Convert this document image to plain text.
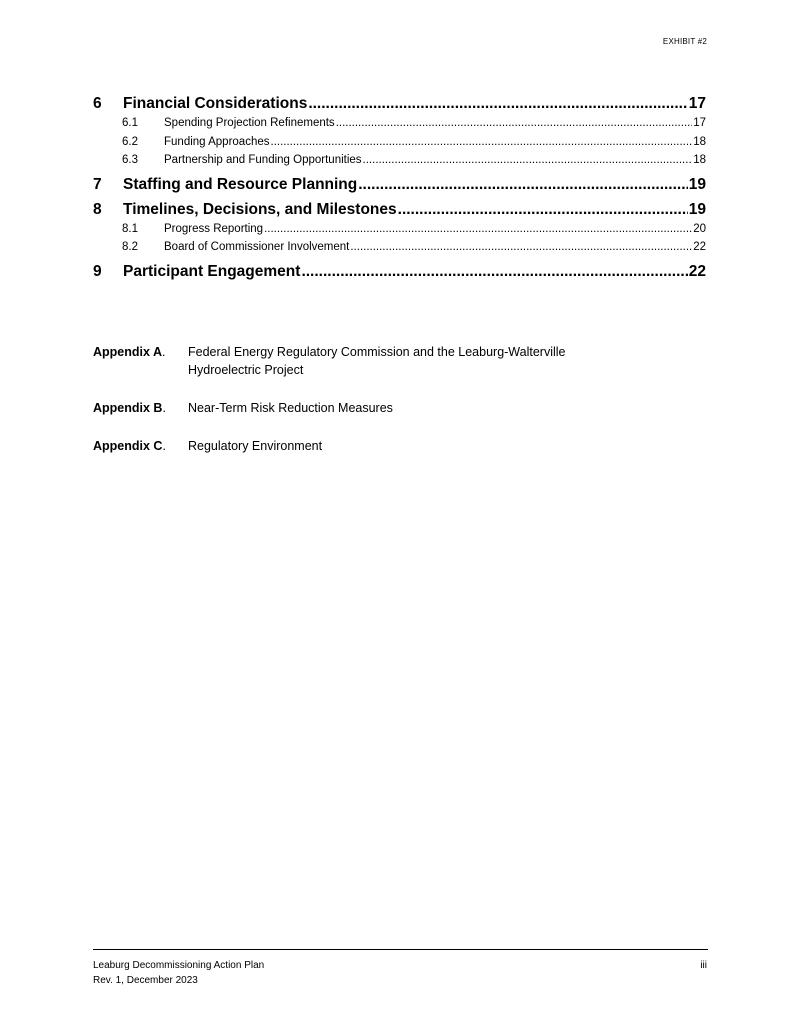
EXHIBIT #2
6	Financial Considerations .....	17
6.1	Spending Projection Refinements .....	17
6.2	Funding Approaches .....	18
6.3	Partnership and Funding Opportunities .....	18
7	Staffing and Resource Planning .....	19
8	Timelines, Decisions, and Milestones .....	19
8.1	Progress Reporting .....	20
8.2	Board of Commissioner Involvement .....	22
9	Participant Engagement .....	22
Appendix A.	Federal Energy Regulatory Commission and the Leaburg-Walterville
Hydroelectric Project
Appendix B.	Near-Term Risk Reduction Measures
Appendix C.	Regulatory Environment
Leaburg Decommissioning Action Plan
Rev. 1, December 2023
iii
